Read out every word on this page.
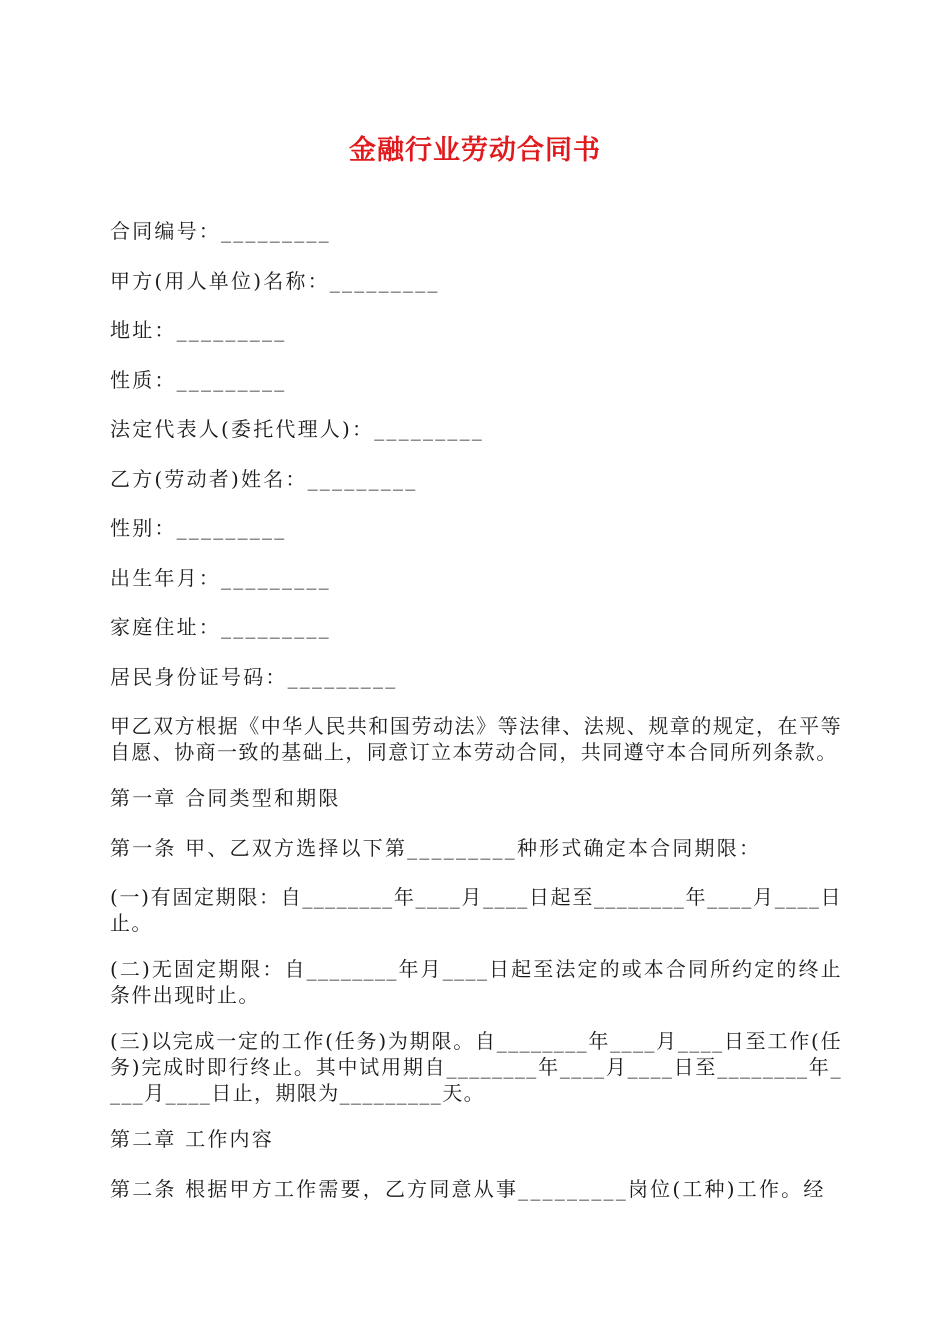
金融行业劳动合同书
合同编号：_________
甲方(用人单位)名称：_________
地址：_________
性质：_________
法定代表人(委托代理人)：_________
乙方(劳动者)姓名：_________
性别：_________
出生年月：_________
家庭住址：_________
居民身份证号码：_________
甲乙双方根据《中华人民共和国劳动法》等法律、法规、规章的规定，在平等自愿、协商一致的基础上，同意订立本劳动合同，共同遵守本合同所列条款。
第一章 合同类型和期限
第一条 甲、乙双方选择以下第_________种形式确定本合同期限：
(一)有固定期限：自________年____月____日起至________年____月____日止。
(二)无固定期限：自________年月____日起至法定的或本合同所约定的终止条件出现时止。
(三)以完成一定的工作(任务)为期限。自________年____月____日至工作(任务)完成时即行终止。其中试用期自________年____月____日至________年____月____日止，期限为_________天。
第二章 工作内容
第二条 根据甲方工作需要，乙方同意从事_________岗位(工种)工作。经
